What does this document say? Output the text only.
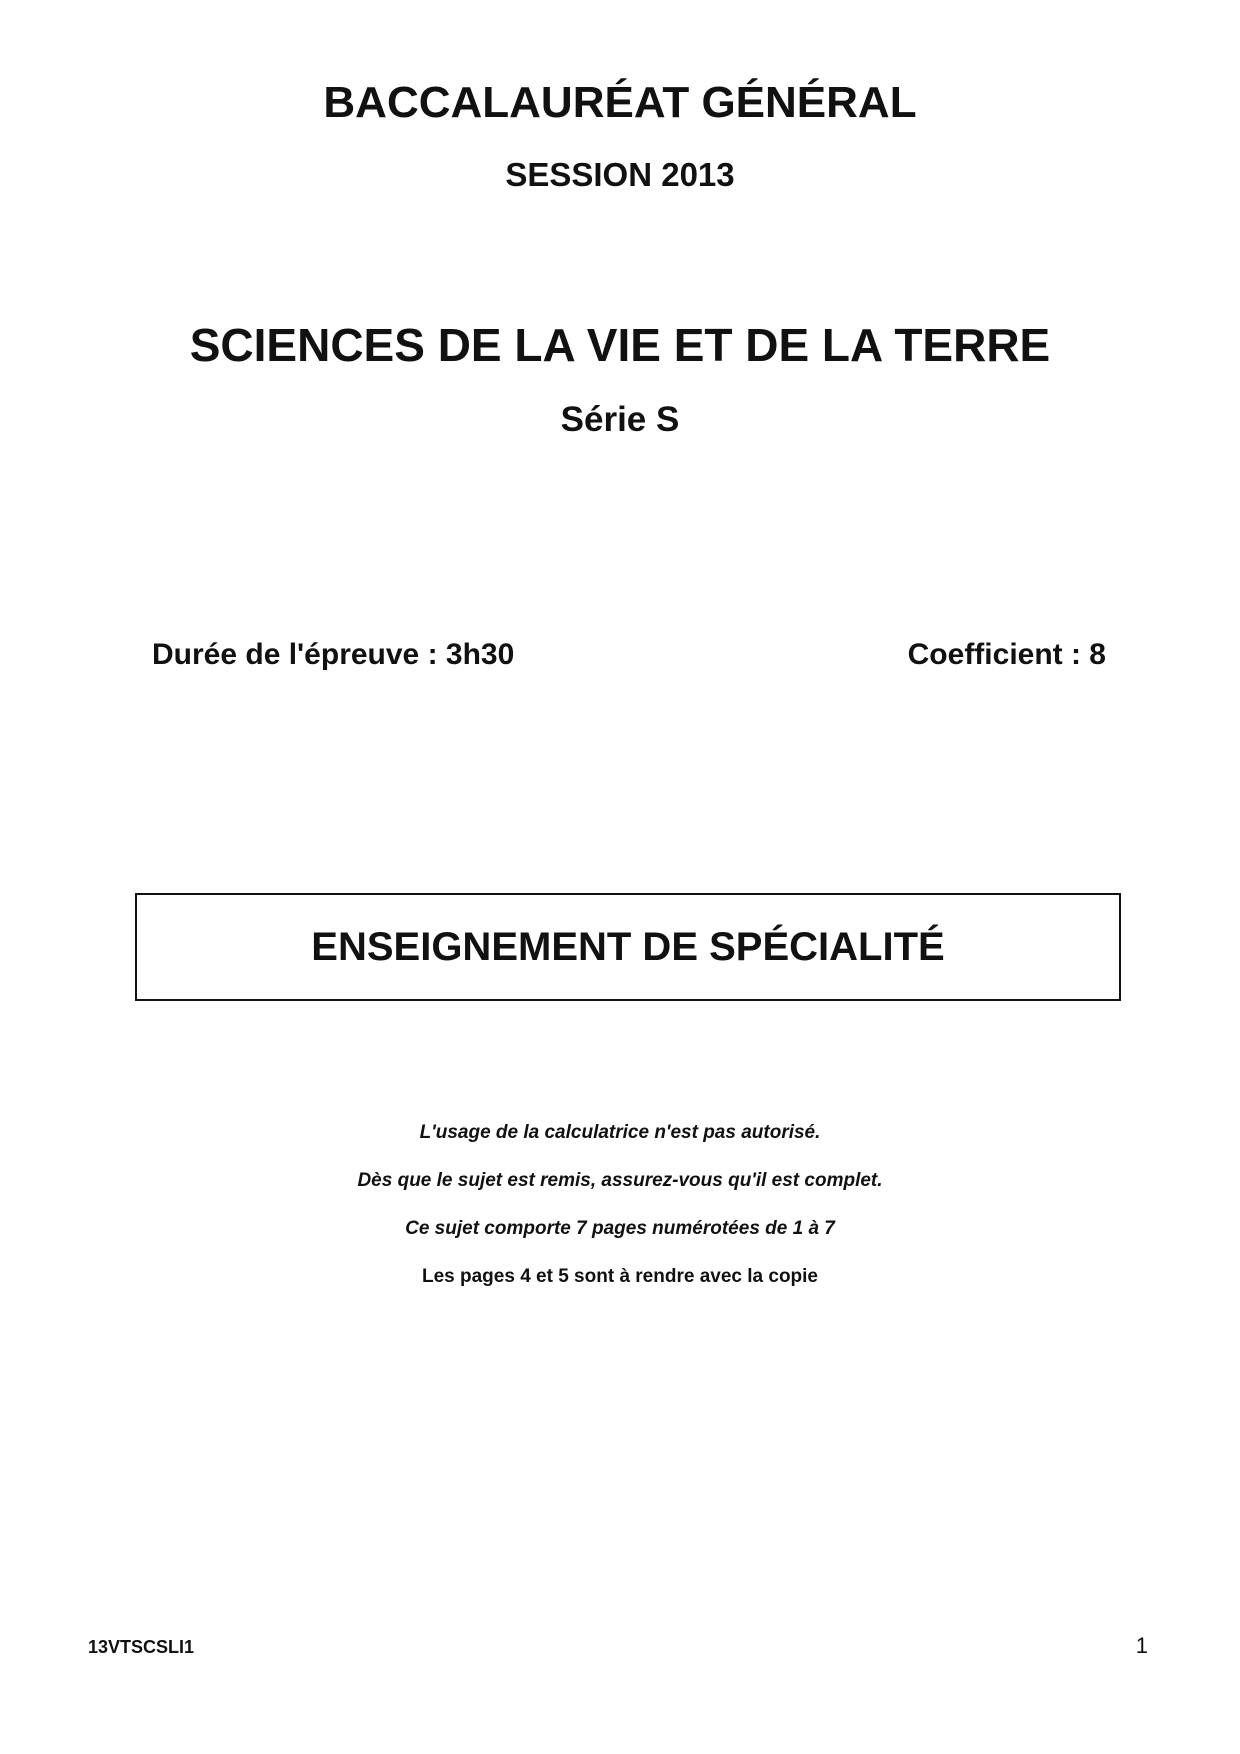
BACCALAURÉAT GÉNÉRAL
SESSION 2013
SCIENCES DE LA VIE ET DE LA TERRE
Série S
Durée de l'épreuve : 3h30	Coefficient : 8
ENSEIGNEMENT DE SPÉCIALITÉ
L'usage de la calculatrice n'est pas autorisé.
Dès que le sujet est remis, assurez-vous qu'il est complet.
Ce sujet comporte 7 pages numérotées de 1 à 7
Les pages 4 et 5 sont à rendre avec la copie
13VTSCSLI1	1
